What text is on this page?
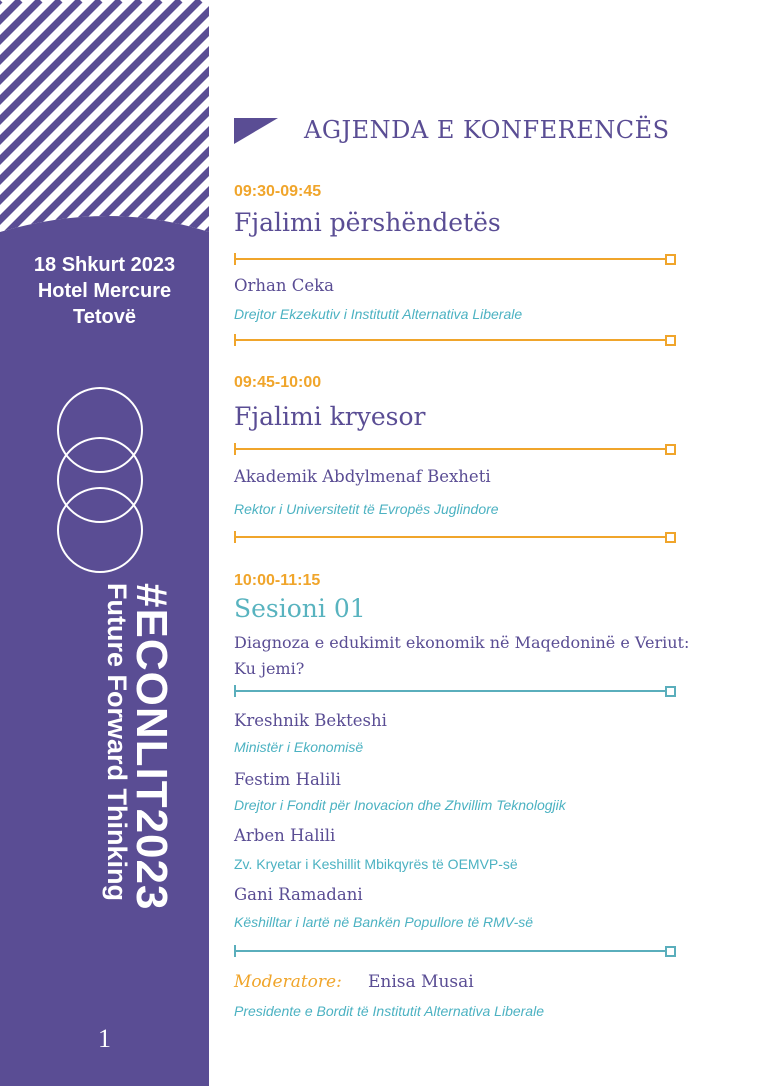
18 Shkurt 2023
Hotel Mercure
Tetovë
#ECONLIT2023
Future Forward Thinking
1
AGJENDA E KONFERENCËS
09:30-09:45
Fjalimi përshëndetës
Orhan Ceka
Drejtor Ekzekutiv i Institutit Alternativa Liberale
09:45-10:00
Fjalimi kryesor
Akademik Abdylmenaf Bexheti
Rektor i Universitetit të Evropës Juglindore
10:00-11:15
Sesioni 01
Diagnoza e edukimit ekonomik në Maqedoninë e Veriut: Ku jemi?
Kreshnik Bekteshi
Ministër i Ekonomisë
Festim Halili
Drejtor i Fondit për Inovacion dhe Zhvillim Teknologjik
Arben Halili
Zv. Kryetar i Keshillit Mbikqyrës të OEMVP-së
Gani Ramadani
Këshilltar i lartë në Bankën Popullore të RMV-së
Moderatore: Enisa Musai
Presidente e Bordit të Institutit Alternativa Liberale
